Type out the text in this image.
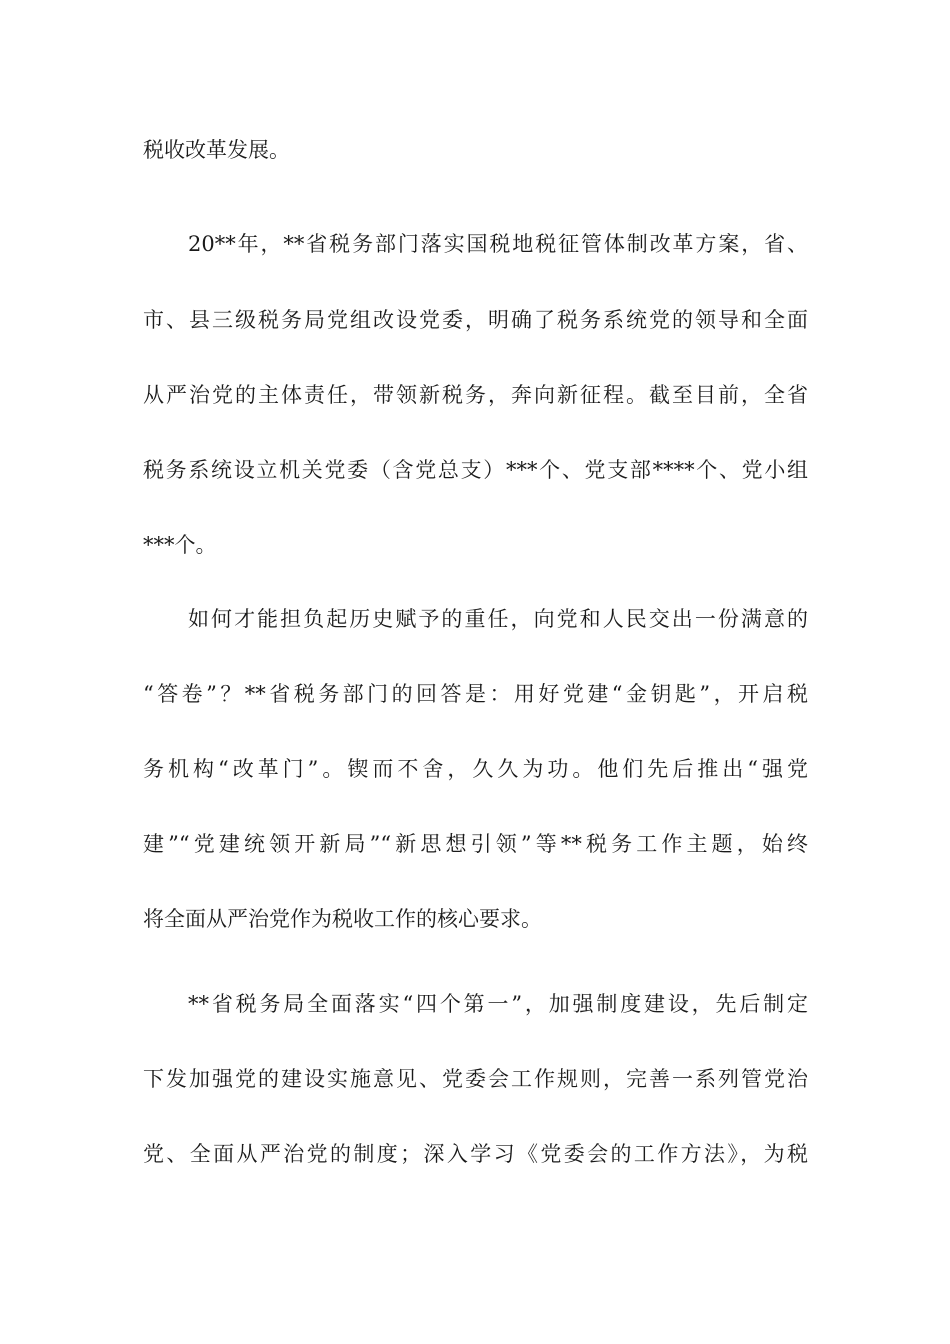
税收改革发展。
20**年，**省税务部门落实国税地税征管体制改革方案，省、
市、县三级税务局党组改设党委，明确了税务系统党的领导和全面
从严治党的主体责任，带领新税务，奔向新征程。截至目前，全省
税务系统设立机关党委（含党总支）***个、党支部****个、党小组
***个。
如何才能担负起历史赋予的重任，向党和人民交出一份满意的
“答卷”？**省税务部门的回答是：用好党建“金钥匙”，开启税
务机构“改革门”。锲而不舍，久久为功。他们先后推出“强党
建”“党建统领开新局”“新思想引领”等**税务工作主题，始终
将全面从严治党作为税收工作的核心要求。
**省税务局全面落实“四个第一”，加强制度建设，先后制定
下发加强党的建设实施意见、党委会工作规则，完善一系列管党治
党、全面从严治党的制度；深入学习《党委会的工作方法》，为税
